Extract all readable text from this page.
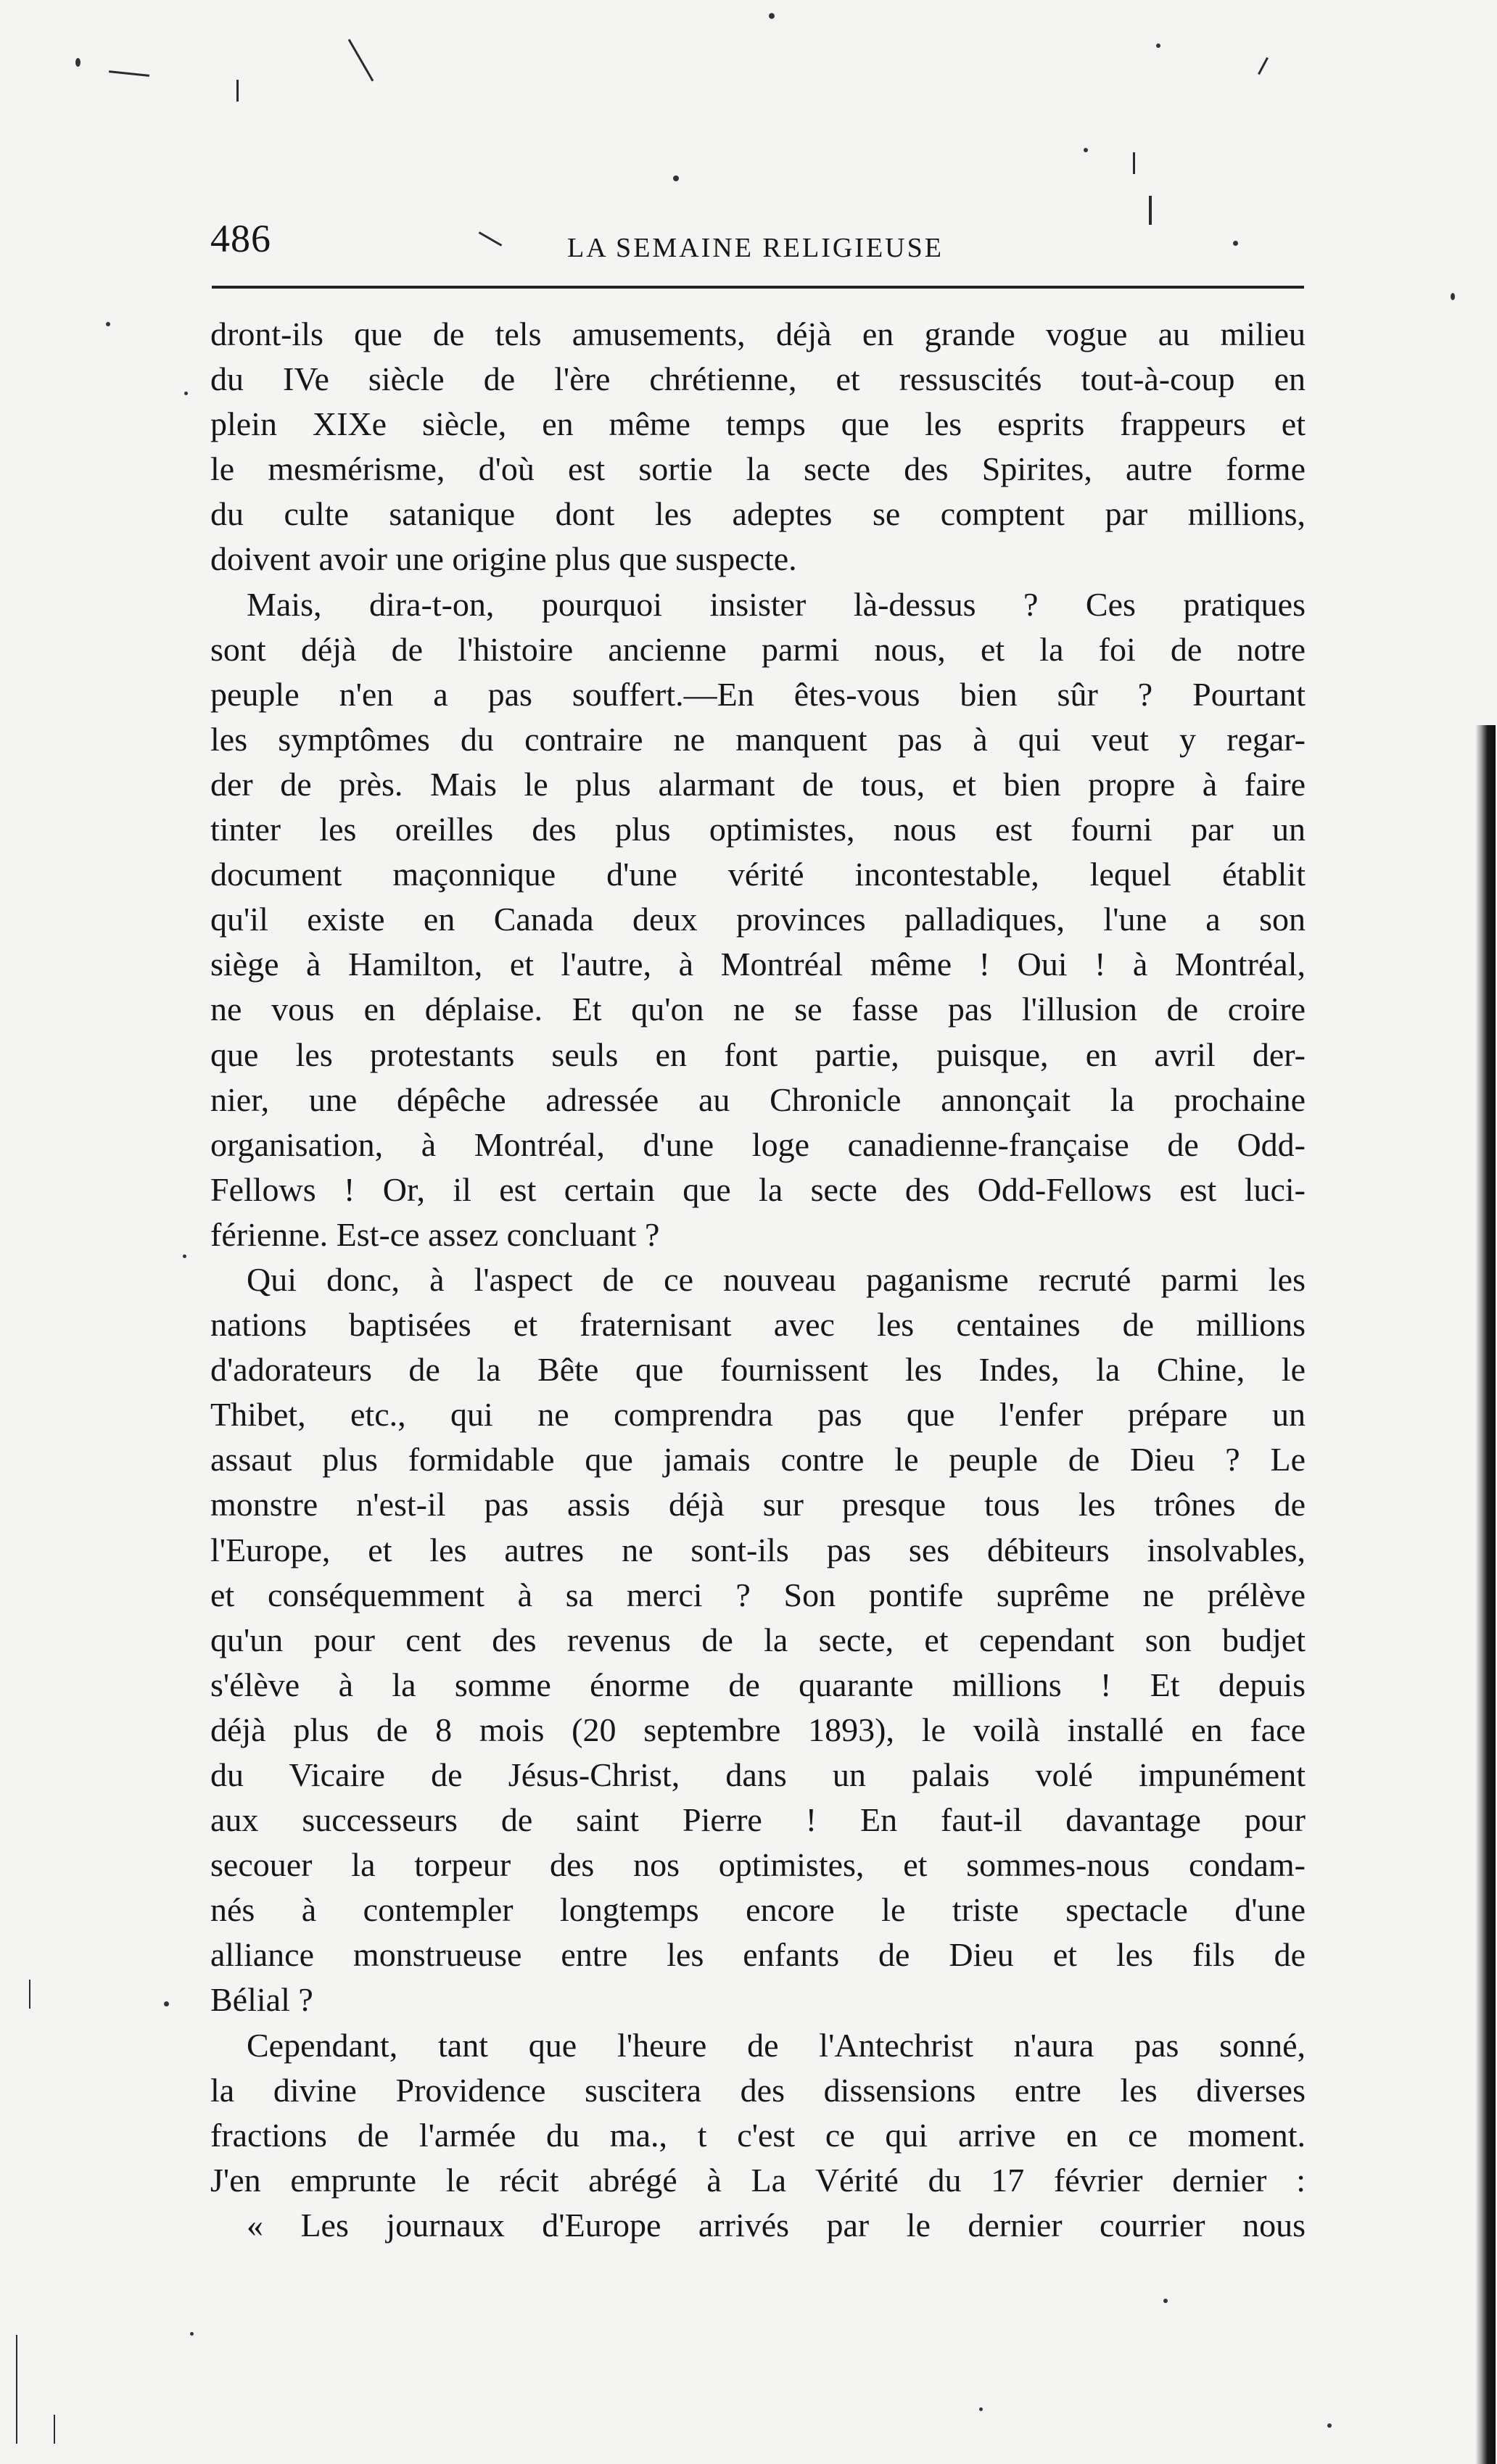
486	LA SEMAINE RELIGIEUSE
dront-ils que de tels amusements, déjà en grande vogue au milieu
du IVe siècle de l'ère chrétienne, et ressuscités tout-à-coup en
plein XIXe siècle, en même temps que les esprits frappeurs et
le mesmérisme, d'où est sortie la secte des Spirites, autre forme
du culte satanique dont les adeptes se comptent par millions,
doivent avoir une origine plus que suspecte.
Mais, dira-t-on, pourquoi insister là-dessus ? Ces pratiques
sont déjà de l'histoire ancienne parmi nous, et la foi de notre
peuple n'en a pas souffert.—En êtes-vous bien sûr ? Pourtant
les symptômes du contraire ne manquent pas à qui veut y regar-
der de près. Mais le plus alarmant de tous, et bien propre à faire
tinter les oreilles des plus optimistes, nous est fourni par un
document maçonnique d'une vérité incontestable, lequel établit
qu'il existe en Canada deux provinces palladiques, l'une a son
siège à Hamilton, et l'autre, à Montréal même ! Oui ! à Montréal,
ne vous en déplaise. Et qu'on ne se fasse pas l'illusion de croire
que les protestants seuls en font partie, puisque, en avril der-
nier, une dépêche adressée au Chronicle annonçait la prochaine
organisation, à Montréal, d'une loge canadienne-française de Odd-
Fellows ! Or, il est certain que la secte des Odd-Fellows est luci-
férienne. Est-ce assez concluant ?
Qui donc, à l'aspect de ce nouveau paganisme recruté parmi les
nations baptisées et fraternisant avec les centaines de millions
d'adorateurs de la Bête que fournissent les Indes, la Chine, le
Thibet, etc., qui ne comprendra pas que l'enfer prépare un
assaut plus formidable que jamais contre le peuple de Dieu ? Le
monstre n'est-il pas assis déjà sur presque tous les trônes de
l'Europe, et les autres ne sont-ils pas ses débiteurs insolvables,
et conséquemment à sa merci ? Son pontife suprême ne prélève
qu'un pour cent des revenus de la secte, et cependant son budjet
s'élève à la somme énorme de quarante millions ! Et depuis
déjà plus de 8 mois (20 septembre 1893), le voilà installé en face
du Vicaire de Jésus-Christ, dans un palais volé impunément
aux successeurs de saint Pierre ! En faut-il davantage pour
secouer la torpeur des nos optimistes, et sommes-nous condam-
nés à contempler longtemps encore le triste spectacle d'une
alliance monstrueuse entre les enfants de Dieu et les fils de
Bélial ?
Cependant, tant que l'heure de l'Antechrist n'aura pas sonné,
la divine Providence suscitera des dissensions entre les diverses
fractions de l'armée du ma., t c'est ce qui arrive en ce moment.
J'en emprunte le récit abrégé à La Vérité du 17 février dernier :
« Les journaux d'Europe arrivés par le dernier courrier nous
